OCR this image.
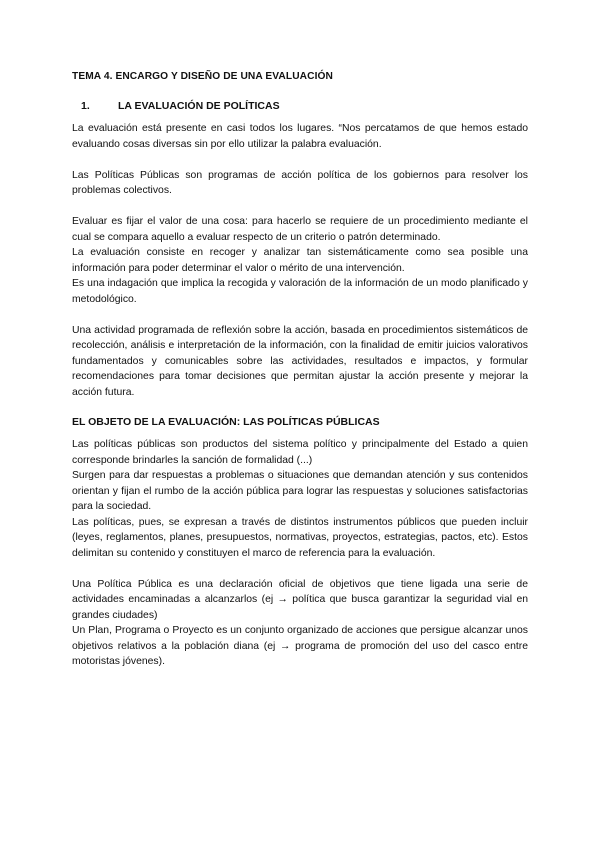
TEMA 4. ENCARGO Y DISEÑO DE UNA EVALUACIÓN
1.	LA EVALUACIÓN DE POLÍTICAS

La evaluación está presente en casi todos los lugares. “Nos percatamos de que hemos estado evaluando cosas diversas sin por ello utilizar la palabra evaluación.

Las Políticas Públicas son programas de acción política de los gobiernos para resolver los problemas colectivos.

Evaluar es fijar el valor de una cosa: para hacerlo se requiere de un procedimiento mediante el cual se compara aquello a evaluar respecto de un criterio o patrón determinado.

La evaluación consiste en recoger y analizar tan sistemáticamente como sea posible una información para poder determinar el valor o mérito de una intervención.

Es una indagación que implica la recogida y valoración de la información de un modo planificado y metodológico.

Una actividad programada de reflexión sobre la acción, basada en procedimientos sistemáticos de recolección, análisis e interpretación de la información, con la finalidad de emitir juicios valorativos fundamentados y comunicables sobre las actividades, resultados e impactos, y formular recomendaciones para tomar decisiones que permitan ajustar la acción presente y mejorar la acción futura.

EL OBJETO DE LA EVALUACIÓN: LAS POLÍTICAS PÚBLICAS

Las políticas públicas son productos del sistema político y principalmente del Estado a quien corresponde brindarles la sanción de formalidad (...)

Surgen para dar respuestas a problemas o situaciones que demandan atención y sus contenidos orientan y fijan el rumbo de la acción pública para lograr las respuestas y soluciones satisfactorias para la sociedad.

Las políticas, pues, se expresan a través de distintos instrumentos públicos que pueden incluir (leyes, reglamentos, planes, presupuestos, normativas, proyectos, estrategias, pactos, etc). Estos delimitan su contenido y constituyen el marco de referencia para la evaluación.

Una Política Pública es una declaración oficial de objetivos que tiene ligada una serie de actividades encaminadas a alcanzarlos (ej → política que busca garantizar la seguridad vial en grandes ciudades)

Un Plan, Programa o Proyecto es un conjunto organizado de acciones que persigue alcanzar unos objetivos relativos a la población diana (ej → programa de promoción del uso del casco entre motoristas jóvenes).
